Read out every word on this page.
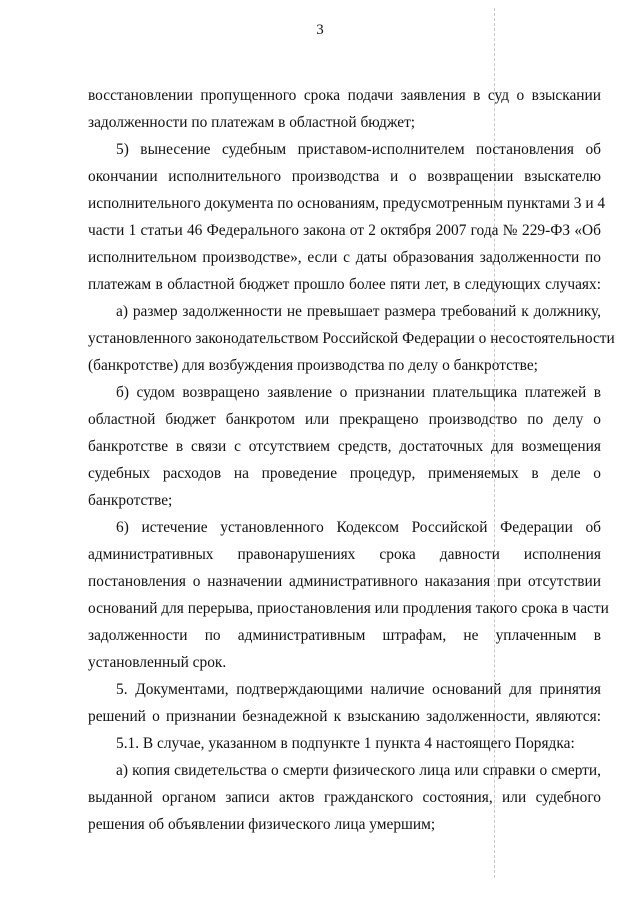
3
восстановлении пропущенного срока подачи заявления в суд о взыскании
задолженности по платежам в областной бюджет;
5) вынесение судебным приставом-исполнителем постановления об
окончании исполнительного производства и о возвращении взыскателю
исполнительного документа по основаниям, предусмотренным пунктами 3 и 4
части 1 статьи 46 Федерального закона от 2 октября 2007 года № 229-ФЗ «Об
исполнительном производстве», если с даты образования задолженности по
платежам в областной бюджет прошло более пяти лет, в следующих случаях:
а) размер задолженности не превышает размера требований к должнику,
установленного законодательством Российской Федерации о несостоятельности
(банкротстве) для возбуждения производства по делу о банкротстве;
б) судом возвращено заявление о признании плательщика платежей в
областной бюджет банкротом или прекращено производство по делу о
банкротстве в связи с отсутствием средств, достаточных для возмещения
судебных расходов на проведение процедур, применяемых в деле о
банкротстве;
6) истечение установленного Кодексом Российской Федерации об
административных правонарушениях срока давности исполнения
постановления о назначении административного наказания при отсутствии
оснований для перерыва, приостановления или продления такого срока в части
задолженности по административным штрафам, не уплаченным в
установленный срок.
5. Документами, подтверждающими наличие оснований для принятия
решений о признании безнадежной к взысканию задолженности, являются:
5.1. В случае, указанном в подпункте 1 пункта 4 настоящего Порядка:
а) копия свидетельства о смерти физического лица или справки о смерти,
выданной органом записи актов гражданского состояния, или судебного
решения об объявлении физического лица умершим;
